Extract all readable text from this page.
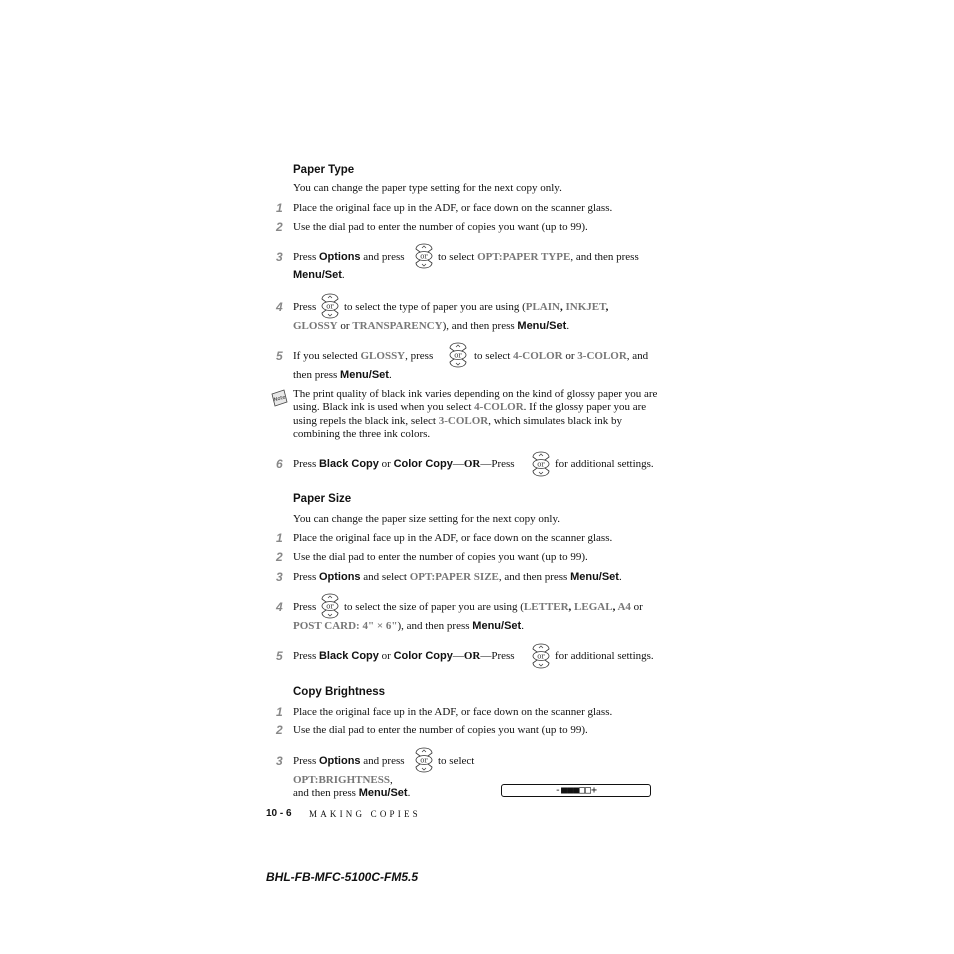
Paper Type
You can change the paper type setting for the next copy only.
1 Place the original face up in the ADF, or face down on the scanner glass.
2 Use the dial pad to enter the number of copies you want (up to 99).
3 Press Options and press	to select OPT:PAPER TYPE, and then press
Menu/Set.
4 Press	to select the type of paper you are using (PLAIN, INKJET,
GLOSSY or TRANSPARENCY), and then press Menu/Set.
5 If you selected GLOSSY, press	to select 4-COLOR or 3-COLOR, and
then press Menu/Set.
Note The print quality of black ink varies depending on the kind of glossy paper you are using. Black ink is used when you select 4-COLOR. If the glossy paper you are using repels the black ink, select 3-COLOR, which simulates black ink by combining the three ink colors.
6 Press Black Copy or Color Copy—OR—Press	for additional settings.
Paper Size
You can change the paper size setting for the next copy only.
1 Place the original face up in the ADF, or face down on the scanner glass.
2 Use the dial pad to enter the number of copies you want (up to 99).
3 Press Options and select OPT:PAPER SIZE, and then press Menu/Set.
4 Press	to select the size of paper you are using (LETTER, LEGAL, A4 or
POST CARD: 4" × 6"), and then press Menu/Set.
5 Press Black Copy or Color Copy—OR—Press	for additional settings.
Copy Brightness
1 Place the original face up in the ADF, or face down on the scanner glass.
2 Use the dial pad to enter the number of copies you want (up to 99).
3 Press Options and press	to select
OPT:BRIGHTNESS,
and then press Menu/Set.	-■■■□□+
10 - 6 MAKING COPIES
BHL-FB-MFC-5100C-FM5.5
